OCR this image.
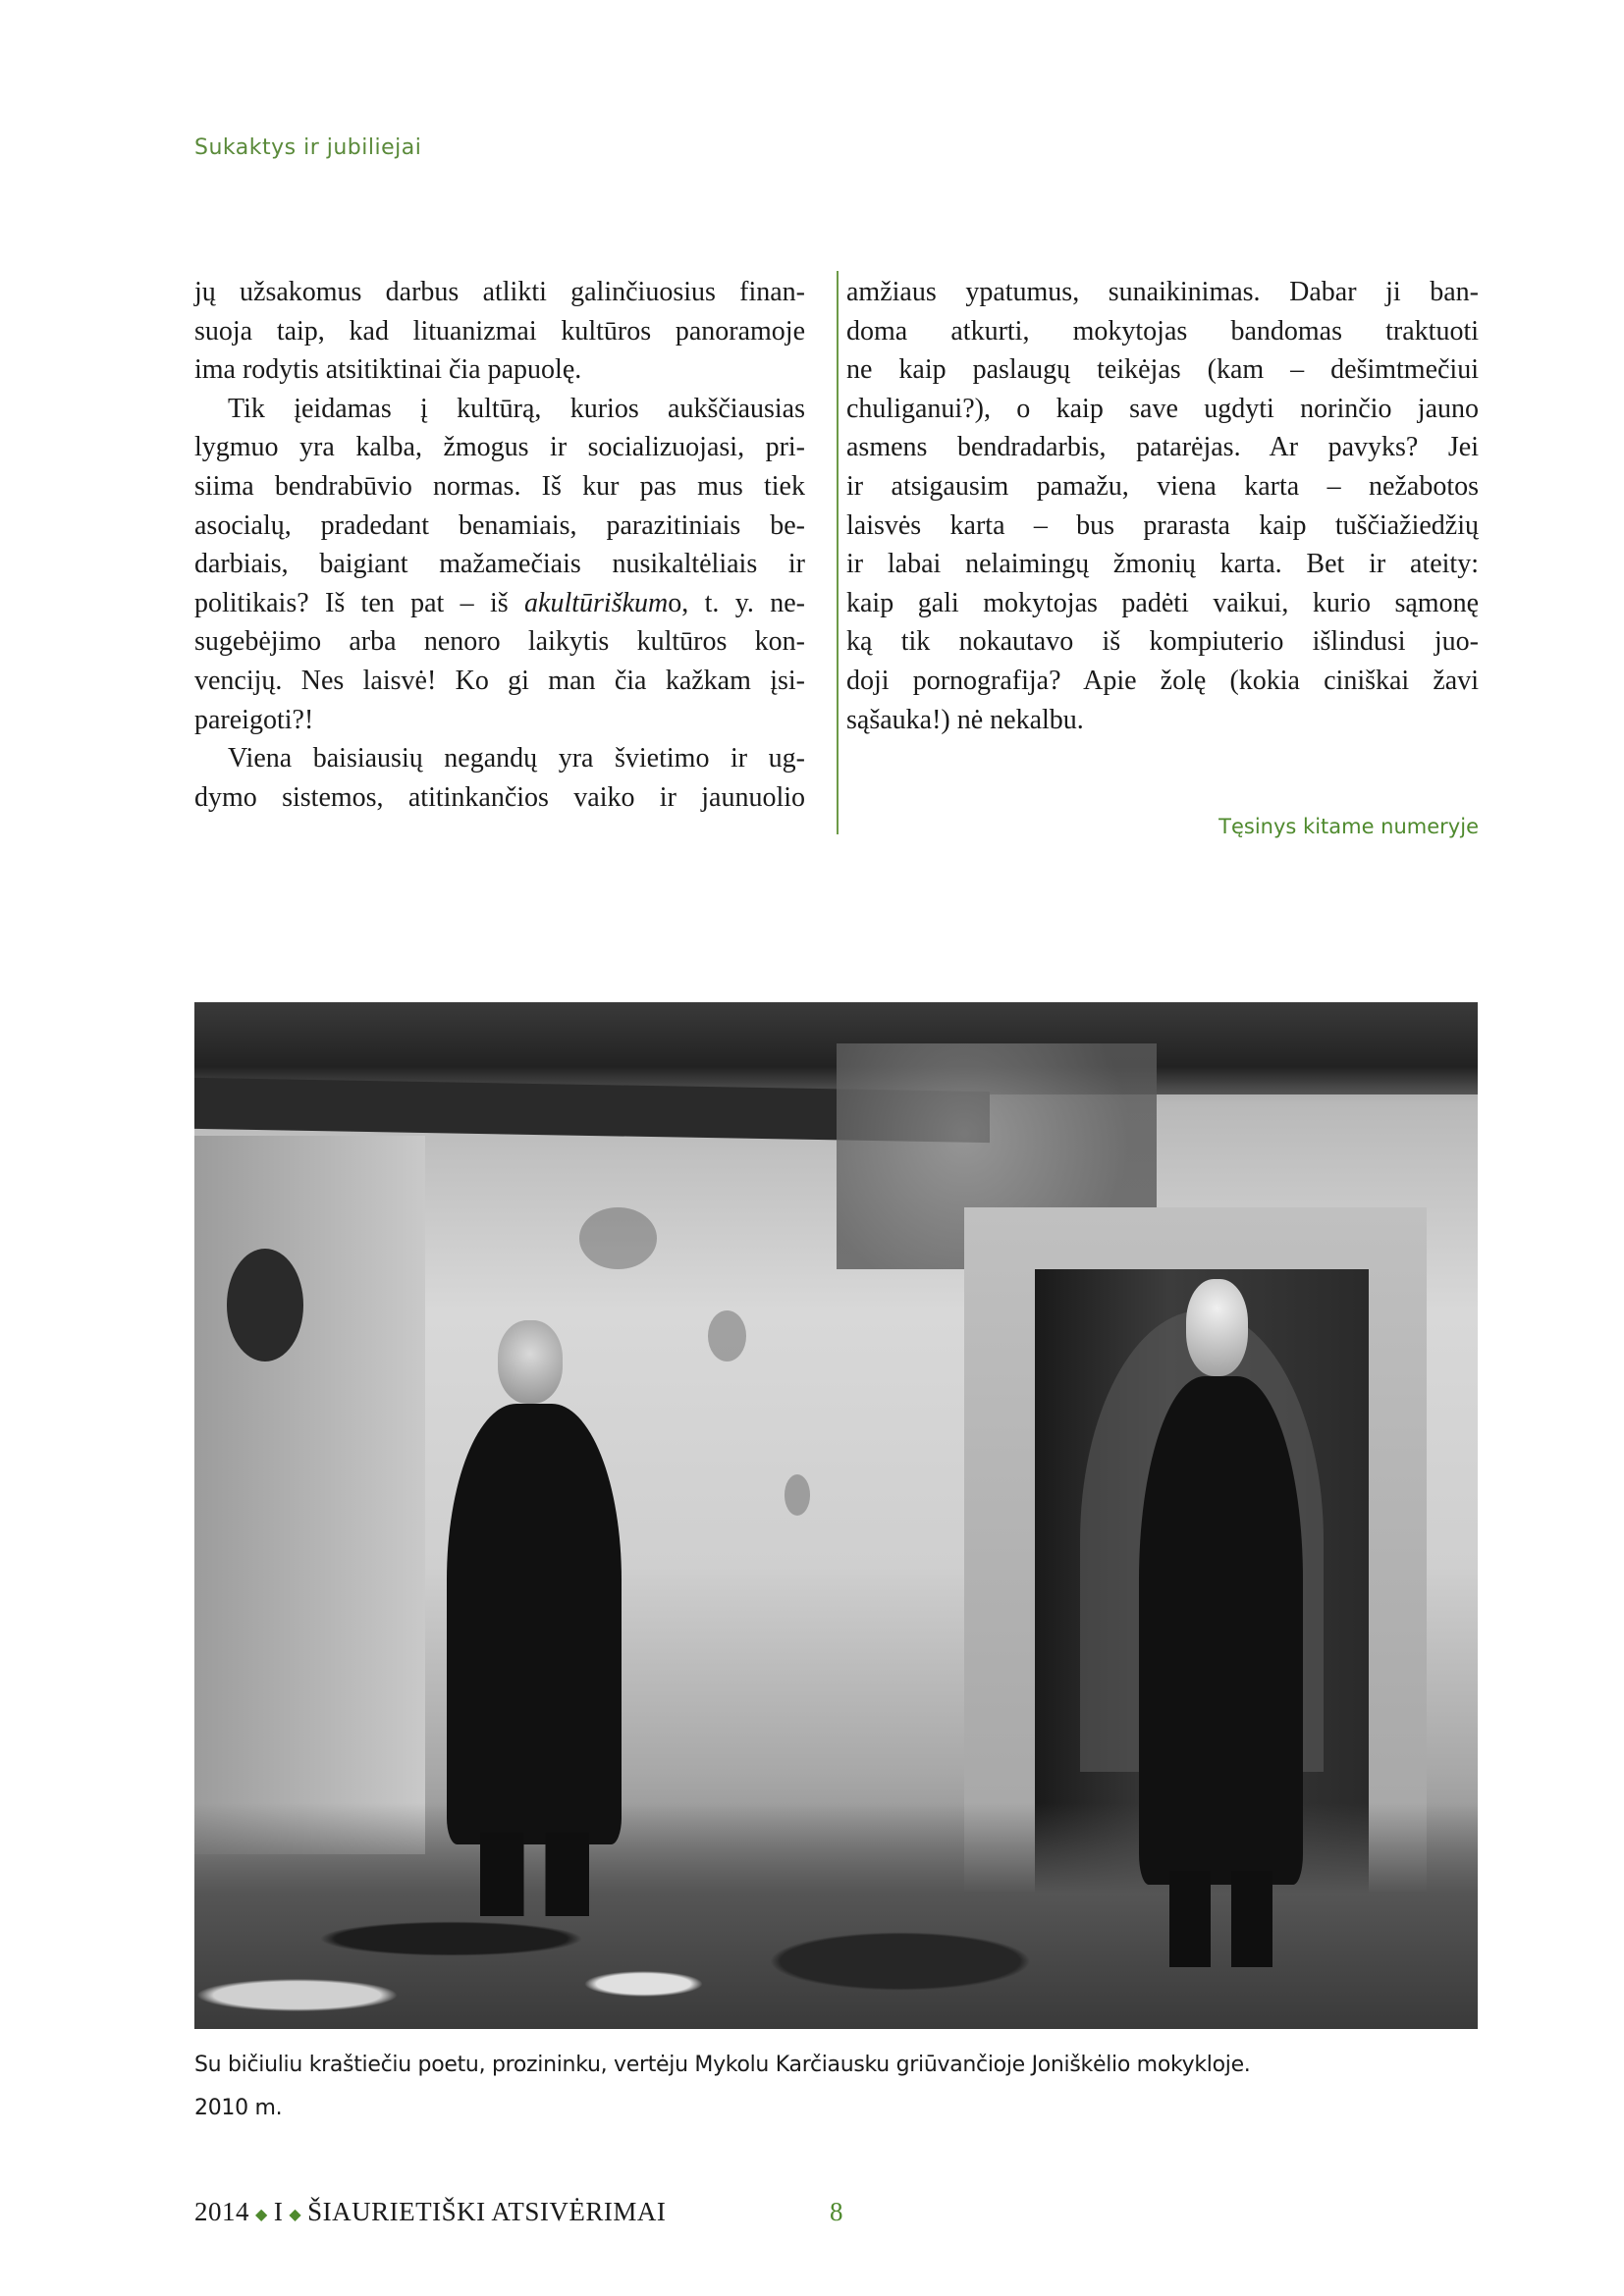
Sukaktys ir jubiliejai
jų užsakomus darbus atlikti galinčiuosius finan-
suoja taip, kad lituanizmai kultūros panoramoje
ima rodytis atsitiktinai čia papuolę.
Tik įeidamas į kultūrą, kurios aukščiausias
lygmuo yra kalba, žmogus ir socializuojasi, pri-
siima bendrabūvio normas. Iš kur pas mus tiek
asocialų, pradedant benamiais, parazitiniais be-
darbiais, baigiant mažamečiais nusikaltėliais ir
politikais? Iš ten pat – iš akultūriškumo, t. y. ne-
sugebėjimo arba nenoro laikytis kultūros kon-
vencijų. Nes laisvė! Ko gi man čia kažkam įsi-
pareigoti?!
Viena baisiausių negandų yra švietimo ir ug-
dymo sistemos, atitinkančios vaiko ir jaunuolio
amžiaus ypatumus, sunaikinimas. Dabar ji ban-
doma atkurti, mokytojas bandomas traktuoti
ne kaip paslaugų teikėjas (kam – dešimtmečiui
chuliganui?), o kaip save ugdyti norinčio jauno
asmens bendradarbis, patarėjas. Ar pavyks? Jei
ir atsigausim pamažu, viena karta – nežabotos
laisvės karta – bus prarasta kaip tuščiažiedžių
ir labai nelaimingų žmonių karta. Bet ir ateity:
kaip gali mokytojas padėti vaikui, kurio sąmonę
ką tik nokautavo iš kompiuterio išlindusi juo-
doji pornografija? Apie žolę (kokia ciniškai žavi
sąšauka!) nė nekalbu.
Tęsinys kitame numeryje
Su bičiuliu kraštiečiu poetu, prozininku, vertėju Mykolu Karčiausku griūvančioje Joniškėlio mokykloje.
2010 m.
2014 ◆ I ◆ ŠIAURIETIŠKI ATSIVĖRIMAI	8
